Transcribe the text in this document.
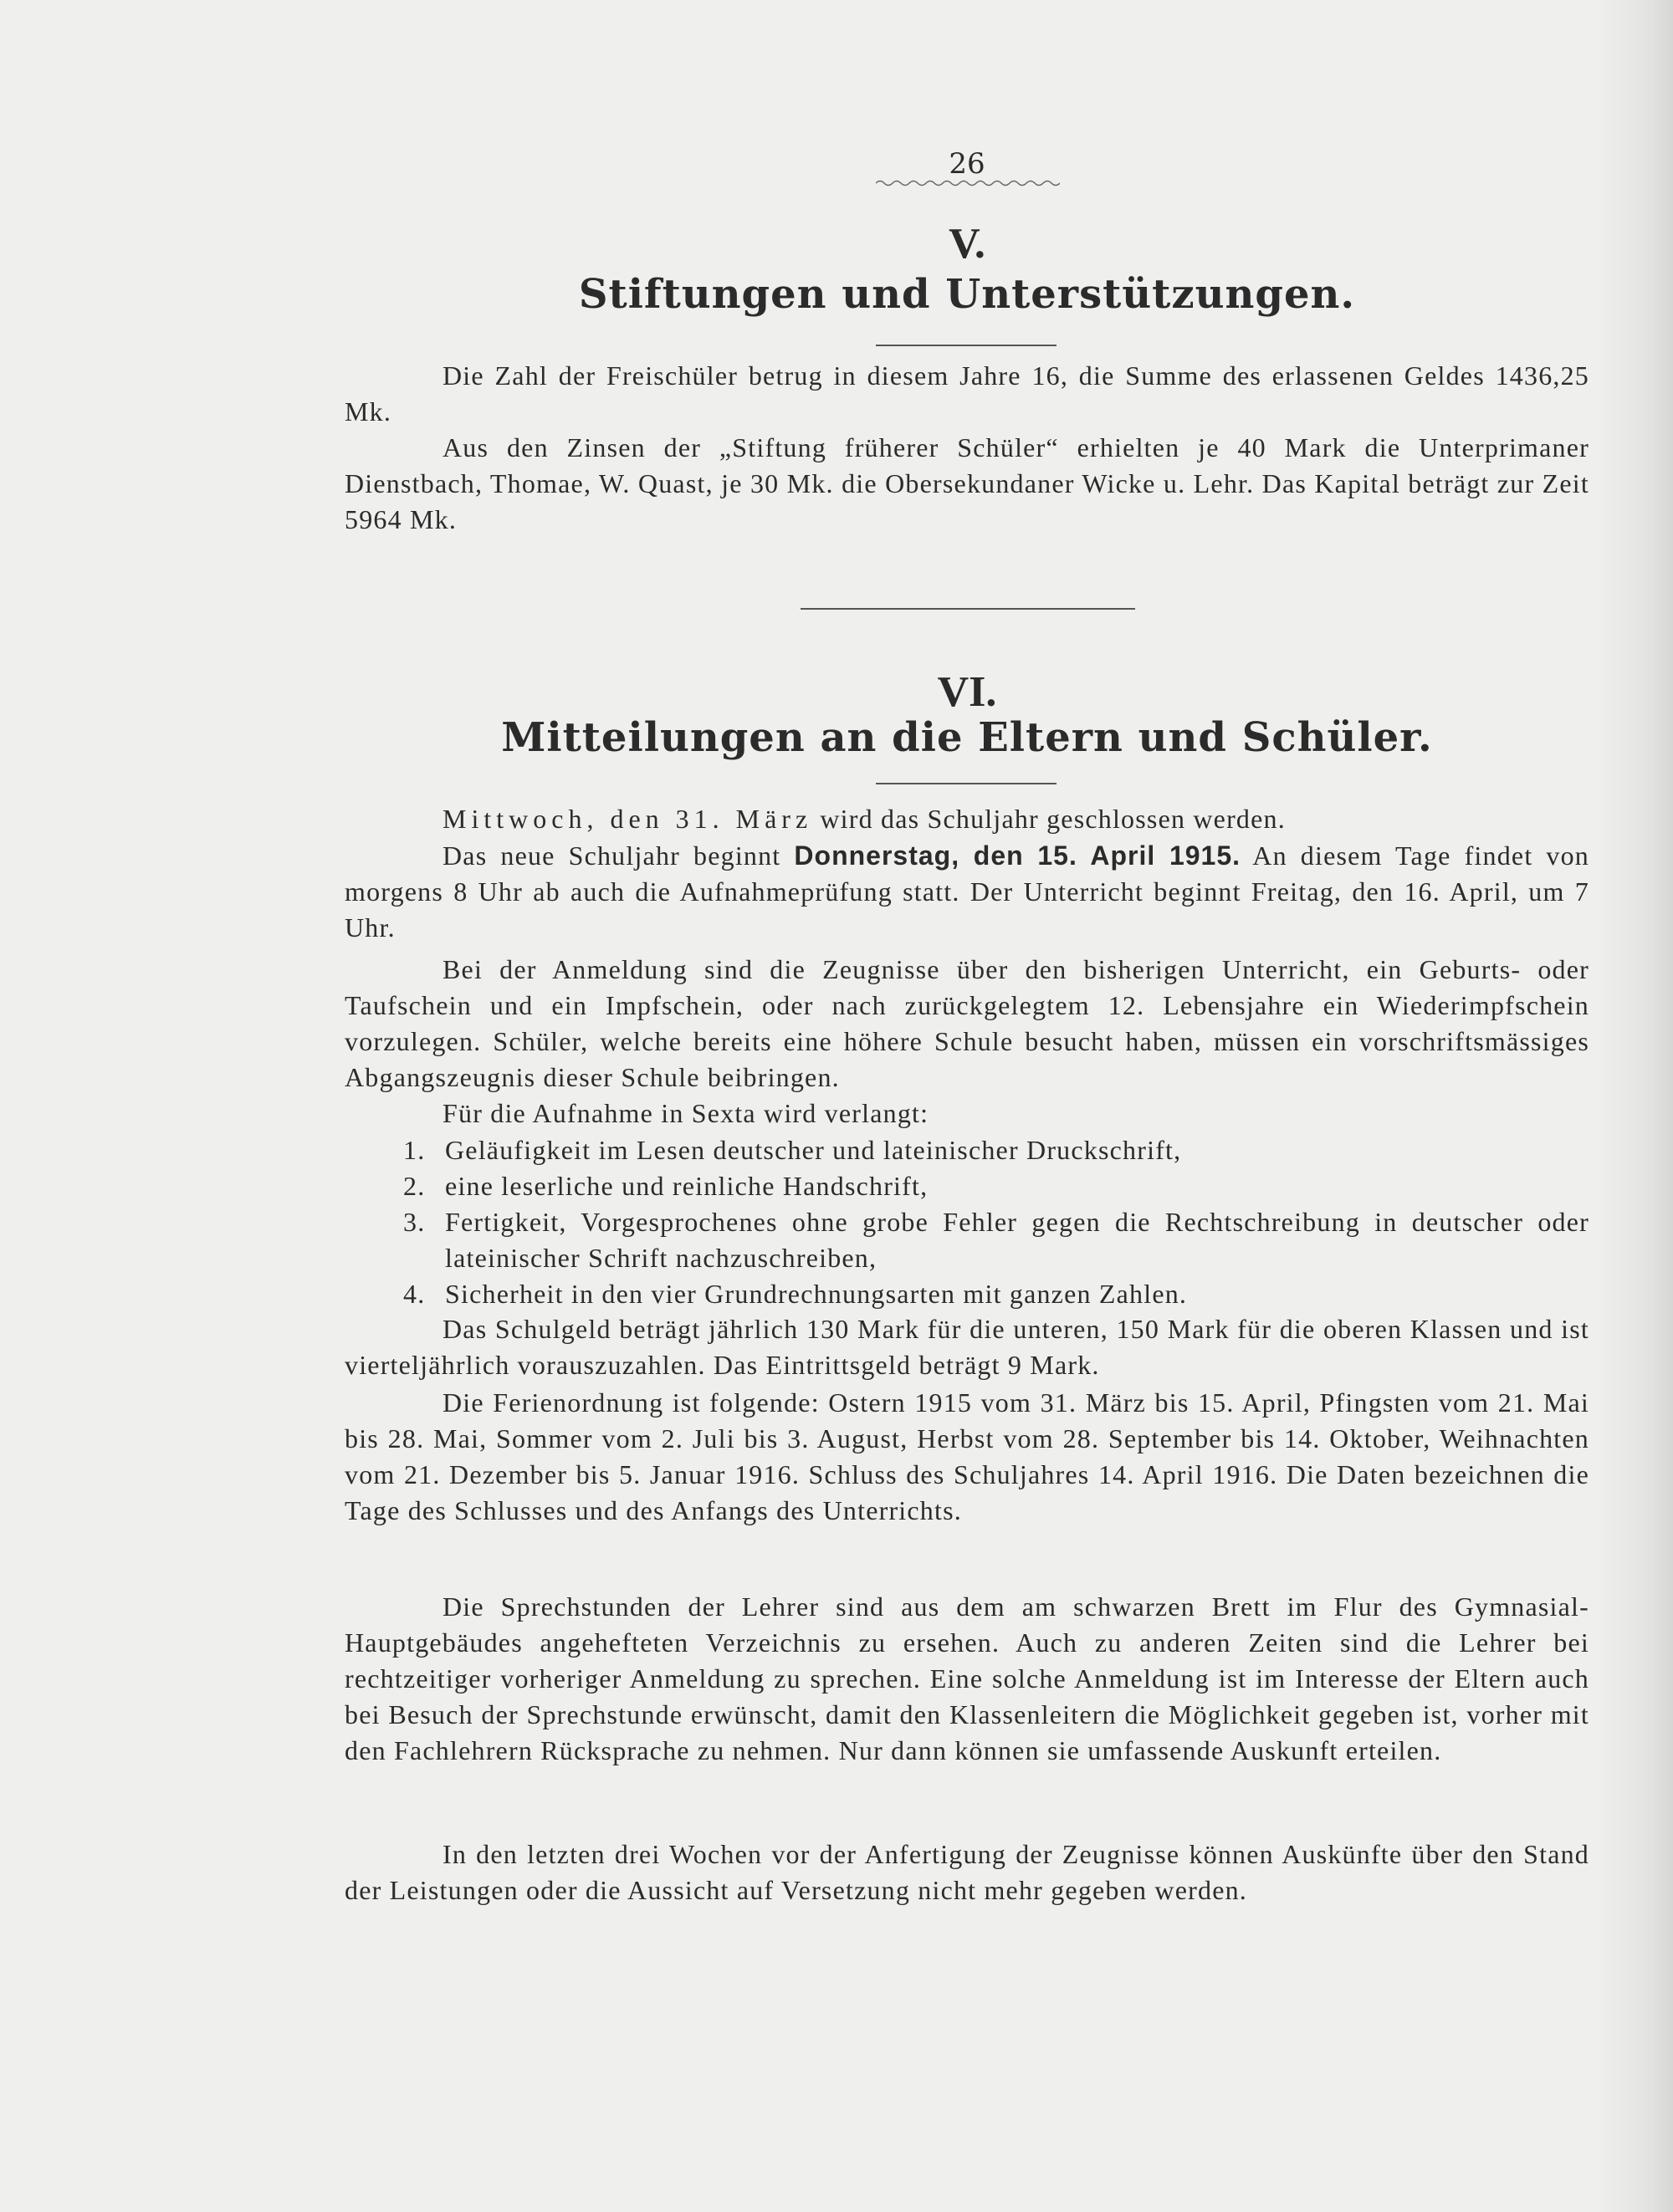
26
V.
Stiftungen und Unterstützungen.

Die Zahl der Freischüler betrug in diesem Jahre 16, die Summe des erlassenen Geldes 1436,25 Mk.

Aus den Zinsen der „Stiftung früherer Schüler“ erhielten je 40 Mark die Unterprimaner Dienstbach, Thomae, W. Quast, je 30 Mk. die Obersekundaner Wicke u. Lehr. Das Kapital beträgt zur Zeit 5964 Mk.

VI.
Mitteilungen an die Eltern und Schüler.

Mittwoch, den 31. März wird das Schuljahr geschlossen werden.

Das neue Schuljahr beginnt Donnerstag, den 15. April 1915. An diesem Tage findet von morgens 8 Uhr ab auch die Aufnahmeprüfung statt. Der Unterricht beginnt Freitag, den 16. April, um 7 Uhr.

Bei der Anmeldung sind die Zeugnisse über den bisherigen Unterricht, ein Geburts- oder Taufschein und ein Impfschein, oder nach zurückgelegtem 12. Lebensjahre ein Wiederimpfschein vorzulegen. Schüler, welche bereits eine höhere Schule besucht haben, müssen ein vorschriftsmässiges Abgangszeugnis dieser Schule beibringen.

Für die Aufnahme in Sexta wird verlangt:

1. Geläufigkeit im Lesen deutscher und lateinischer Druckschrift,
2. eine leserliche und reinliche Handschrift,
3. Fertigkeit, Vorgesprochenes ohne grobe Fehler gegen die Rechtschreibung in deutscher oder lateinischer Schrift nachzuschreiben,
4. Sicherheit in den vier Grundrechnungsarten mit ganzen Zahlen.

Das Schulgeld beträgt jährlich 130 Mark für die unteren, 150 Mark für die oberen Klassen und ist vierteljährlich vorauszuzahlen. Das Eintrittsgeld beträgt 9 Mark.

Die Ferienordnung ist folgende: Ostern 1915 vom 31. März bis 15. April, Pfingsten vom 21. Mai bis 28. Mai, Sommer vom 2. Juli bis 3. August, Herbst vom 28. September bis 14. Oktober, Weihnachten vom 21. Dezember bis 5. Januar 1916. Schluss des Schuljahres 14. April 1916. Die Daten bezeichnen die Tage des Schlusses und des Anfangs des Unterrichts.

Die Sprechstunden der Lehrer sind aus dem am schwarzen Brett im Flur des Gymnasial-Hauptgebäudes angehefteten Verzeichnis zu ersehen. Auch zu anderen Zeiten sind die Lehrer bei rechtzeitiger vorheriger Anmeldung zu sprechen. Eine solche Anmeldung ist im Interesse der Eltern auch bei Besuch der Sprechstunde erwünscht, damit den Klassenleitern die Möglichkeit gegeben ist, vorher mit den Fachlehrern Rücksprache zu nehmen. Nur dann können sie umfassende Auskunft erteilen.

In den letzten drei Wochen vor der Anfertigung der Zeugnisse können Auskünfte über den Stand der Leistungen oder die Aussicht auf Versetzung nicht mehr gegeben werden.
